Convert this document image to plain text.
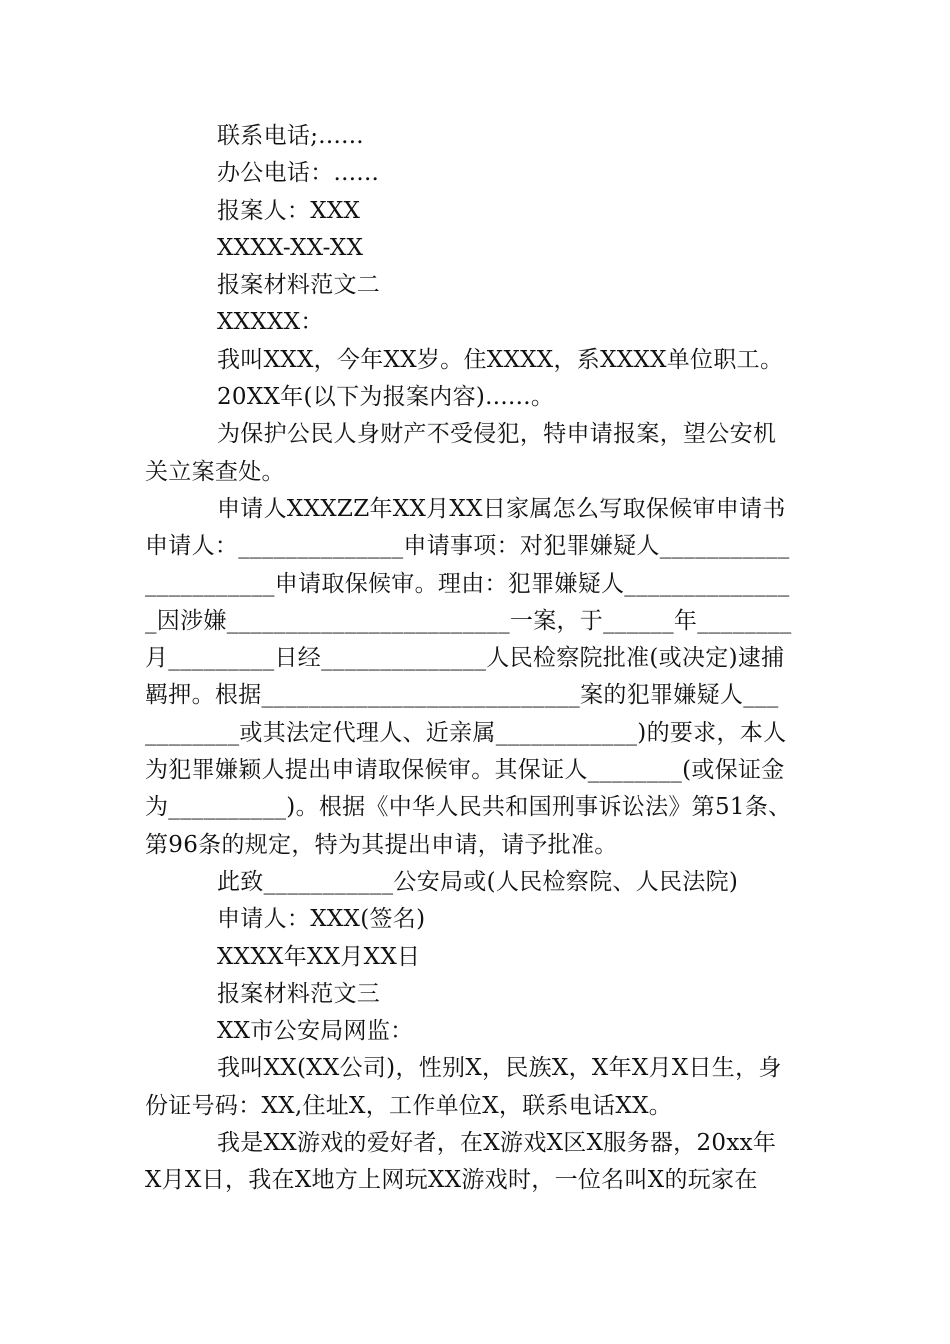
联系电话;......
办公电话：......
报案人：XXX
XXXX-XX-XX
报案材料范文二
XXXXX：
我叫XXX，今年XX岁。住XXXX，系XXXX单位职工。
20XX年(以下为报案内容)......。
为保护公民人身财产不受侵犯，特申请报案，望公安机
关立案查处。
申请人XXXZZ年XX月XX日家属怎么写取保候审申请书
申请人：______________申请事项：对犯罪嫌疑人___________
___________申请取保候审。理由：犯罪嫌疑人______________
_因涉嫌________________________一案，于______年________
月_________日经______________人民检察院批准(或决定)逮捕
羁押。根据___________________________案的犯罪嫌疑人___
________或其法定代理人、近亲属____________)的要求，本人
为犯罪嫌颖人提出申请取保候审。其保证人________(或保证金
为__________)。根据《中华人民共和国刑事诉讼法》第51条、
第96条的规定，特为其提出申请，请予批准。
此致___________公安局或(人民检察院、人民法院)
申请人：XXX(签名)
XXXX年XX月XX日
报案材料范文三
XX市公安局网监：
我叫XX(XX公司)，性别X，民族X，X年X月X日生，身
份证号码：XX,住址X，工作单位X，联系电话XX。
我是XX游戏的爱好者，在X游戏X区X服务器，20xx年
X月X日，我在X地方上网玩XX游戏时，一位名叫X的玩家在
